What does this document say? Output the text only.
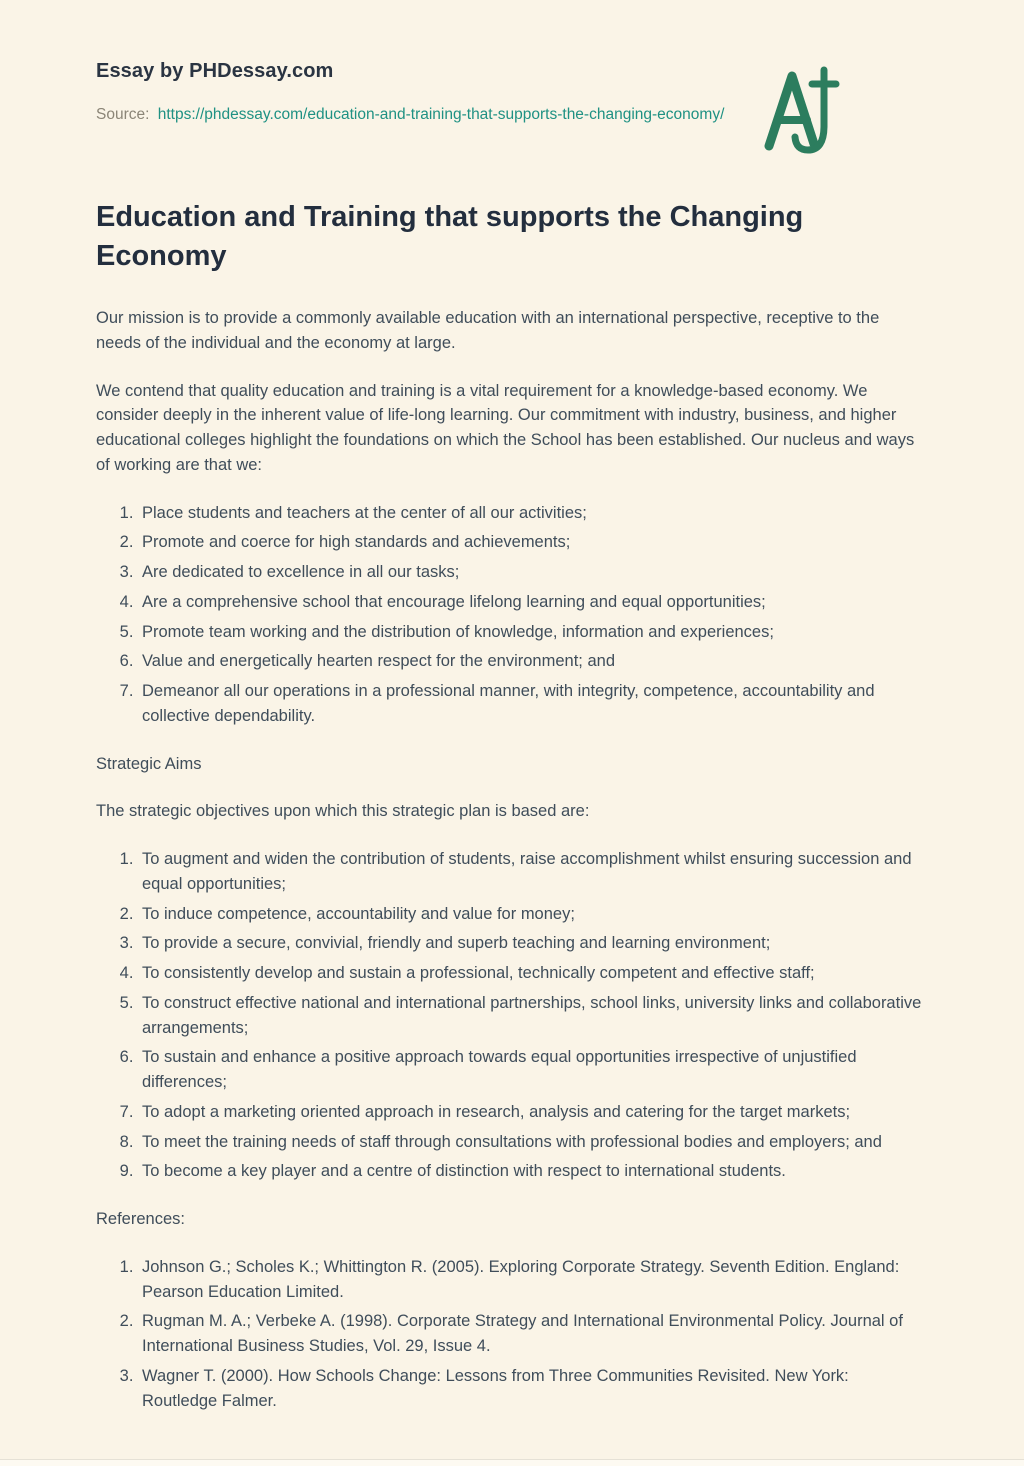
Essay by PHDessay.com

Source: https://phdessay.com/education-and-training-that-supports-the-changing-economy/

Education and Training that supports the Changing Economy

Our mission is to provide a commonly available education with an international perspective, receptive to the needs of the individual and the economy at large.

We contend that quality education and training is a vital requirement for a knowledge-based economy. We consider deeply in the inherent value of life-long learning. Our commitment with industry, business, and higher educational colleges highlight the foundations on which the School has been established. Our nucleus and ways of working are that we:

1. Place students and teachers at the center of all our activities;
2. Promote and coerce for high standards and achievements;
3. Are dedicated to excellence in all our tasks;
4. Are a comprehensive school that encourage lifelong learning and equal opportunities;
5. Promote team working and the distribution of knowledge, information and experiences;
6. Value and energetically hearten respect for the environment; and
7. Demeanor all our operations in a professional manner, with integrity, competence, accountability and collective dependability.

Strategic Aims

The strategic objectives upon which this strategic plan is based are:

1. To augment and widen the contribution of students, raise accomplishment whilst ensuring succession and equal opportunities;
2. To induce competence, accountability and value for money;
3. To provide a secure, convivial, friendly and superb teaching and learning environment;
4. To consistently develop and sustain a professional, technically competent and effective staff;
5. To construct effective national and international partnerships, school links, university links and collaborative arrangements;
6. To sustain and enhance a positive approach towards equal opportunities irrespective of unjustified differences;
7. To adopt a marketing oriented approach in research, analysis and catering for the target markets;
8. To meet the training needs of staff through consultations with professional bodies and employers; and
9. To become a key player and a centre of distinction with respect to international students.

References:

1. Johnson G.; Scholes K.; Whittington R. (2005). Exploring Corporate Strategy. Seventh Edition. England: Pearson Education Limited.
2. Rugman M. A.; Verbeke A. (1998). Corporate Strategy and International Environmental Policy. Journal of International Business Studies, Vol. 29, Issue 4.
3. Wagner T. (2000). How Schools Change: Lessons from Three Communities Revisited. New York: Routledge Falmer.
